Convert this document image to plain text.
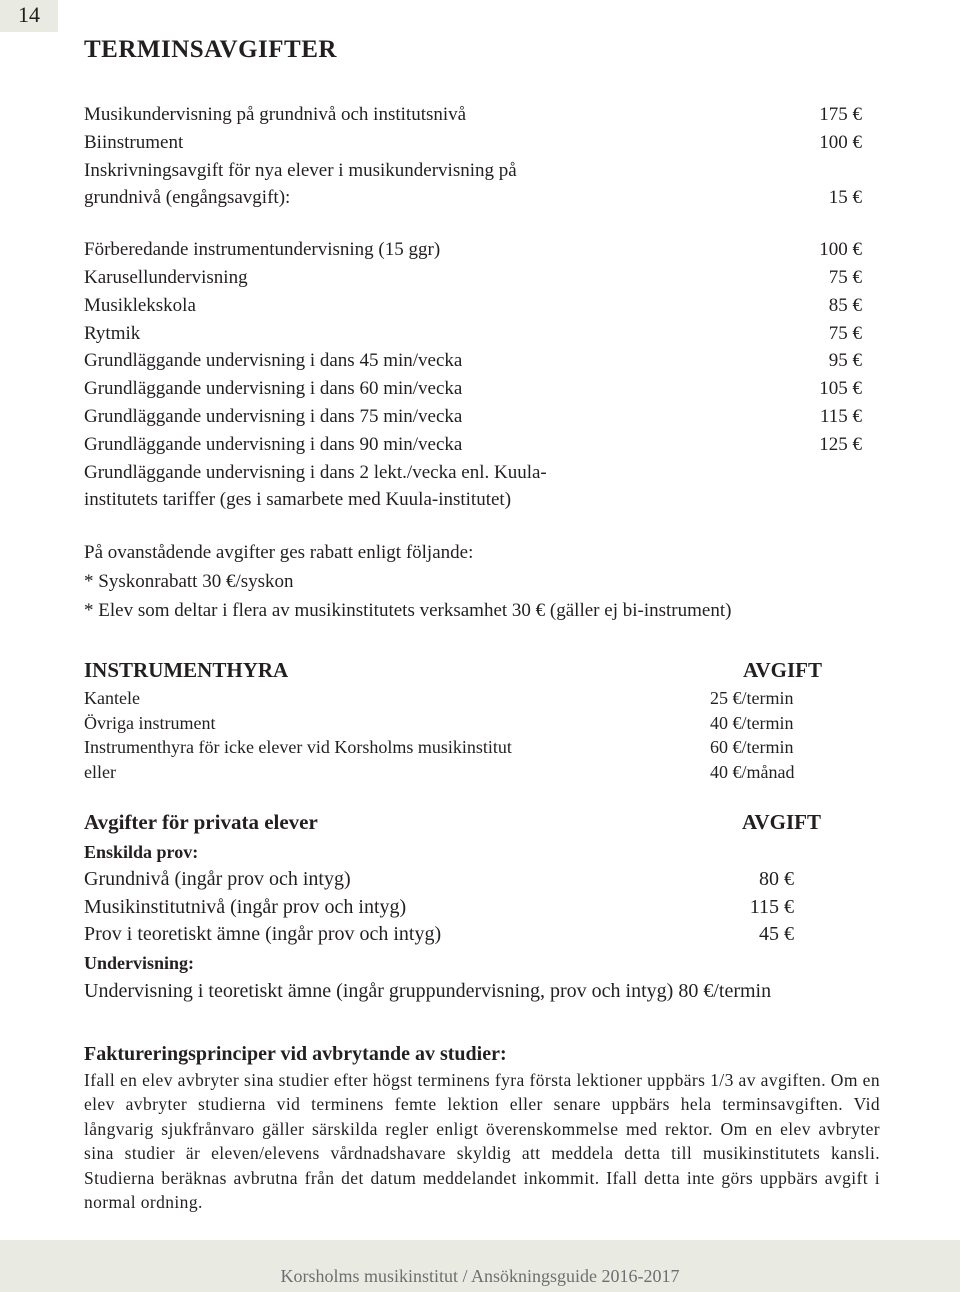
14
TERMINSAVGIFTER
Musikundervisning på grundnivå och institutsnivå	175 €
Biinstrument	100 €
Inskrivningsavgift för nya elever i musikundervisning på
grundnivå (engångsavgift):	15 €
Förberedande instrumentundervisning (15 ggr)	100 €
Karusellundervisning	75 €
Musiklekskola	85 €
Rytmik	75 €
Grundläggande undervisning i dans 45 min/vecka	95 €
Grundläggande undervisning i dans 60 min/vecka	105 €
Grundläggande undervisning i dans 75 min/vecka	115 €
Grundläggande undervisning i dans 90 min/vecka	125 €
Grundläggande undervisning i dans 2 lekt./vecka enl. Kuula-
institutets tariffer (ges i samarbete med Kuula-institutet)
På ovanstådende avgifter ges rabatt enligt följande:
* Syskonrabatt 30 €/syskon
* Elev som deltar i flera av musikinstitutets verksamhet 30 € (gäller ej bi-instrument)
INSTRUMENTHYRA	AVGIFT
Kantele	25 €/termin
Övriga instrument	40 €/termin
Instrumenthyra för icke elever vid Korsholms musikinstitut	60 €/termin
eller	40 €/månad
Avgifter för privata elever	AVGIFT
Enskilda prov:
Grundnivå (ingår prov och intyg)	80 €
Musikinstitutnivå (ingår prov och intyg)	115 €
Prov i teoretiskt ämne (ingår prov och intyg)	45 €
Undervisning:
Undervisning i teoretiskt ämne (ingår gruppundervisning, prov och intyg) 80 €/termin
Faktureringsprinciper vid avbrytande av studier:
Ifall en elev avbryter sina studier efter högst terminens fyra första lektioner uppbärs 1/3 av avgiften. Om en elev avbryter studierna vid terminens femte lektion eller senare uppbärs hela terminsavgiften. Vid långvarig sjukfrånvaro gäller särskilda regler enligt överenskommelse med rektor. Om en elev avbryter sina studier är eleven/elevens vårdnadshavare skyldig att meddela detta till musikinstitutets kansli. Studierna beräknas avbrutna från det datum meddelandet inkommit. Ifall detta inte görs uppbärs avgift i normal ordning.
Korsholms musikinstitut / Ansökningsguide 2016-2017
